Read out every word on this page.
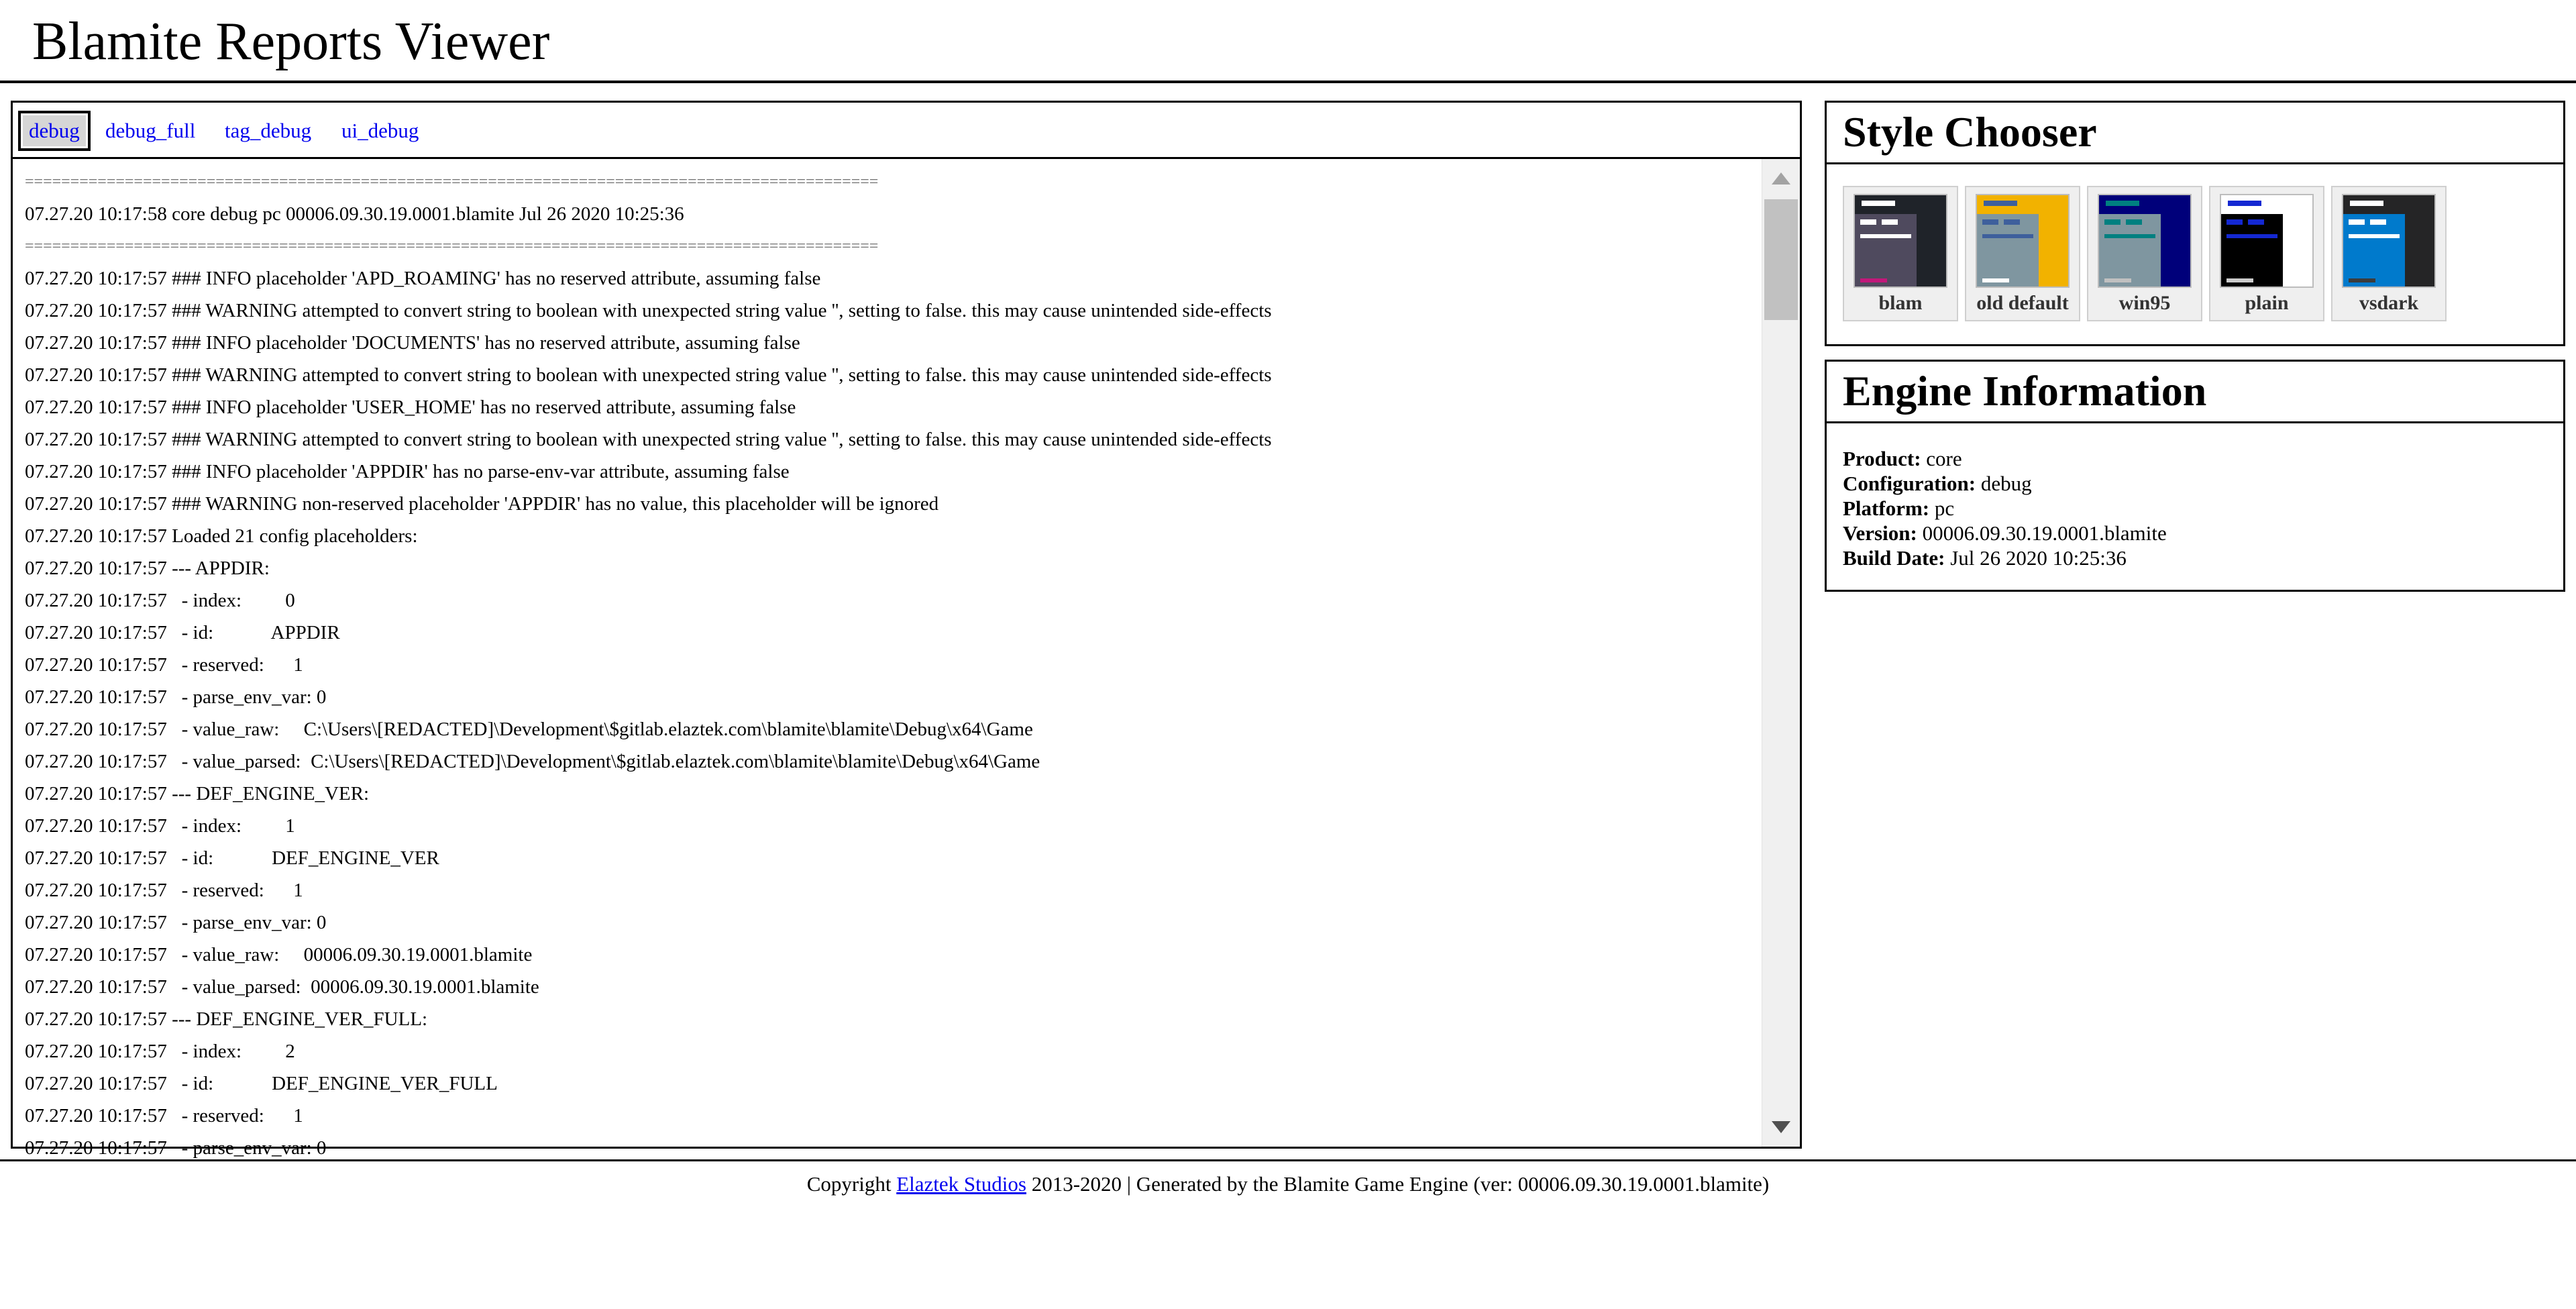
Blamite Reports Viewer
debug	debug_full tag_debug ui_debug
==============================================================================================
07.27.20 10:17:58 core debug pc 00006.09.30.19.0001.blamite Jul 26 2020 10:25:36
==============================================================================================
07.27.20 10:17:57 ### INFO placeholder 'APD_ROAMING' has no reserved attribute, assuming false
07.27.20 10:17:57 ### WARNING attempted to convert string to boolean with unexpected string value '', setting to false. this may cause unintended side-effects
07.27.20 10:17:57 ### INFO placeholder 'DOCUMENTS' has no reserved attribute, assuming false
07.27.20 10:17:57 ### WARNING attempted to convert string to boolean with unexpected string value '', setting to false. this may cause unintended side-effects
07.27.20 10:17:57 ### INFO placeholder 'USER_HOME' has no reserved attribute, assuming false
07.27.20 10:17:57 ### WARNING attempted to convert string to boolean with unexpected string value '', setting to false. this may cause unintended side-effects
07.27.20 10:17:57 ### INFO placeholder 'APPDIR' has no parse-env-var attribute, assuming false
07.27.20 10:17:57 ### WARNING non-reserved placeholder 'APPDIR' has no value, this placeholder will be ignored
07.27.20 10:17:57 Loaded 21 config placeholders:
07.27.20 10:17:57 --- APPDIR:
07.27.20 10:17:57   - index:         0
07.27.20 10:17:57   - id:            APPDIR
07.27.20 10:17:57   - reserved:      1
07.27.20 10:17:57   - parse_env_var: 0
07.27.20 10:17:57   - value_raw:     C:\Users\[REDACTED]\Development\$gitlab.elaztek.com\blamite\blamite\Debug\x64\Game
07.27.20 10:17:57   - value_parsed:  C:\Users\[REDACTED]\Development\$gitlab.elaztek.com\blamite\blamite\Debug\x64\Game
07.27.20 10:17:57 --- DEF_ENGINE_VER:
07.27.20 10:17:57   - index:         1
07.27.20 10:17:57   - id:            DEF_ENGINE_VER
07.27.20 10:17:57   - reserved:      1
07.27.20 10:17:57   - parse_env_var: 0
07.27.20 10:17:57   - value_raw:     00006.09.30.19.0001.blamite
07.27.20 10:17:57   - value_parsed:  00006.09.30.19.0001.blamite
07.27.20 10:17:57 --- DEF_ENGINE_VER_FULL:
07.27.20 10:17:57   - index:         2
07.27.20 10:17:57   - id:            DEF_ENGINE_VER_FULL
07.27.20 10:17:57   - reserved:      1
07.27.20 10:17:57   - parse_env_var: 0
Style Chooser
blam	old default	win95	plain	vsdark
Engine Information
Product: core
Configuration: debug
Platform: pc
Version: 00006.09.30.19.0001.blamite
Build Date: Jul 26 2020 10:25:36
Copyright Elaztek Studios 2013-2020 | Generated by the Blamite Game Engine (ver: 00006.09.30.19.0001.blamite)
